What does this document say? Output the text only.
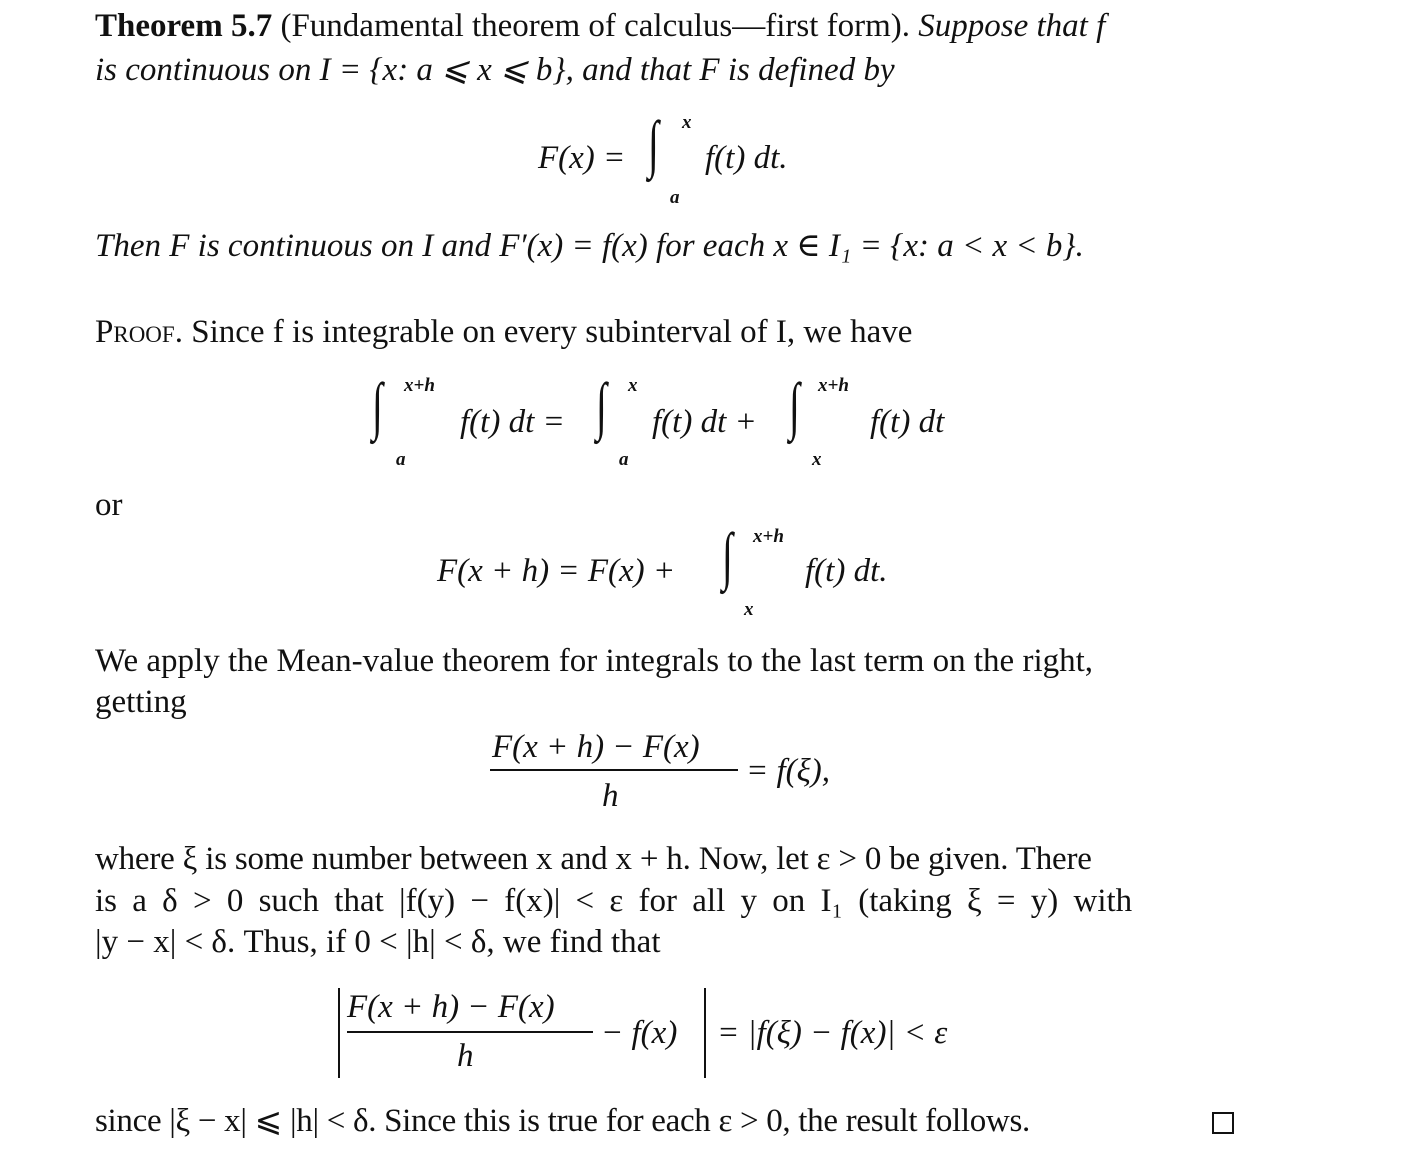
Theorem 5.7 (Fundamental theorem of calculus—first form). Suppose that f
is continuous on I = {x: a ⩽ x ⩽ b}, and that F is defined by
F(x) = ∫ x
a
f(t) dt.
Then F is continuous on I and F′(x) = f(x) for each x ∈ I₁ = {x: a < x < b}.
Proof. Since f is integrable on every subinterval of I, we have
∫ x+h
a
f(t) dt = ∫ x
a
f(t) dt + ∫ x+h
x
f(t) dt
or
F(x + h) = F(x) + ∫ x+h
x
f(t) dt.
We apply the Mean-value theorem for integrals to the last term on the right,
getting
F(x + h) − F(x)
h
= f(ξ),
where ξ is some number between x and x + h. Now, let ε > 0 be given. There
is a δ > 0 such that |f(y) − f(x)| < ε for all y on I₁ (taking ξ = y) with
|y − x| < δ. Thus, if 0 < |h| < δ, we find that
F(x + h) − F(x)
h
− f(x) = |f(ξ) − f(x)| < ε
since |ξ − x| ⩽ |h| < δ. Since this is true for each ε > 0, the result follows.
